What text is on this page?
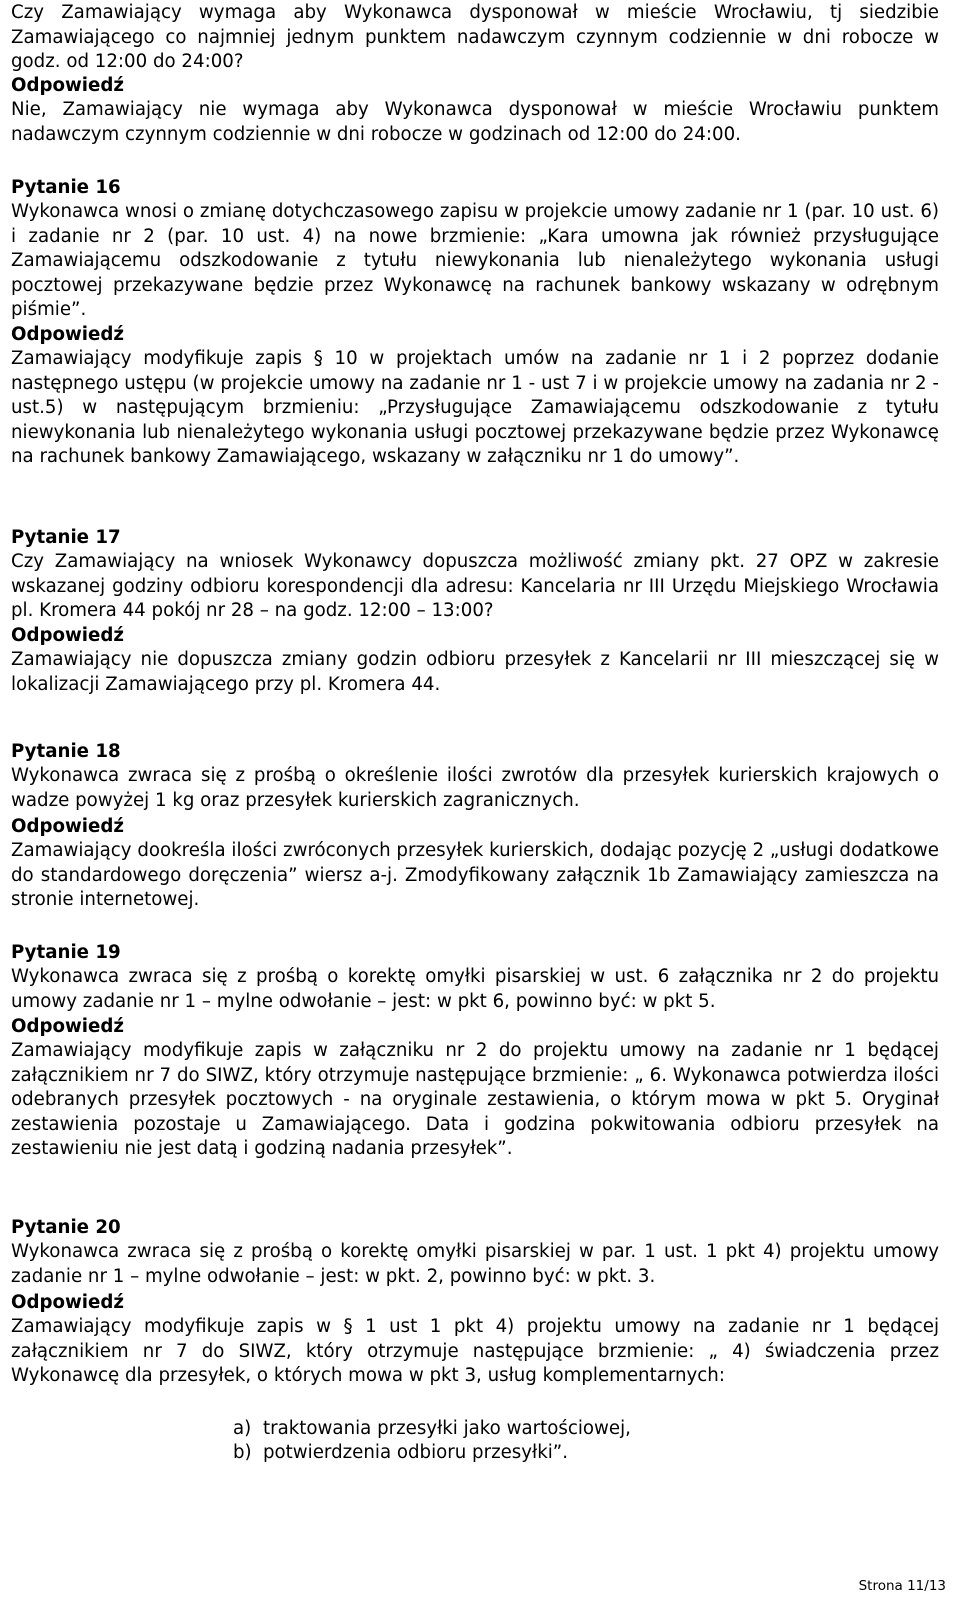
Czy Zamawiający wymaga aby Wykonawca dysponował w mieście Wrocławiu, tj siedzibie Zamawiającego co najmniej jednym punktem nadawczym czynnym codziennie w dni robocze w godz. od 12:00 do 24:00?

Odpowiedź

Nie, Zamawiający nie wymaga aby Wykonawca dysponował w mieście Wrocławiu punktem nadawczym czynnym codziennie w dni robocze w godzinach od 12:00 do 24:00.

Pytanie 16

Wykonawca wnosi o zmianę dotychczasowego zapisu w projekcie umowy zadanie nr 1 (par. 10 ust. 6) i zadanie nr 2 (par. 10 ust. 4) na nowe brzmienie: „Kara umowna jak również przysługujące Zamawiającemu odszkodowanie z tytułu niewykonania lub nienależytego wykonania usługi pocztowej przekazywane będzie przez Wykonawcę na rachunek bankowy wskazany w odrębnym piśmie”.

Odpowiedź

Zamawiający modyfikuje zapis § 10 w projektach umów na zadanie nr 1 i 2 poprzez dodanie następnego ustępu (w projekcie umowy na zadanie nr 1 - ust 7 i w projekcie umowy na zadania nr 2 - ust.5) w następującym brzmieniu: „Przysługujące Zamawiającemu odszkodowanie z tytułu niewykonania lub nienależytego wykonania usługi pocztowej przekazywane będzie przez Wykonawcę na rachunek bankowy Zamawiającego, wskazany w załączniku nr 1 do umowy”.

Pytanie 17

Czy Zamawiający na wniosek Wykonawcy dopuszcza możliwość zmiany pkt. 27 OPZ w zakresie wskazanej godziny odbioru korespondencji dla adresu: Kancelaria nr III Urzędu Miejskiego Wrocławia pl. Kromera 44 pokój nr 28 – na godz. 12:00 – 13:00?

Odpowiedź

Zamawiający nie dopuszcza zmiany godzin odbioru przesyłek z Kancelarii nr III mieszczącej się w lokalizacji Zamawiającego przy pl. Kromera 44.

Pytanie 18

Wykonawca zwraca się z prośbą o określenie ilości zwrotów dla przesyłek kurierskich krajowych o wadze powyżej 1 kg oraz przesyłek kurierskich zagranicznych.

Odpowiedź

Zamawiający dookreśla ilości zwróconych przesyłek kurierskich, dodając pozycję 2 „usługi dodatkowe do standardowego doręczenia” wiersz a-j. Zmodyfikowany załącznik 1b Zamawiający zamieszcza na stronie internetowej.

Pytanie 19

Wykonawca zwraca się z prośbą o korektę omyłki pisarskiej w ust. 6 załącznika nr 2 do projektu umowy zadanie nr 1 – mylne odwołanie – jest: w pkt 6, powinno być: w pkt 5.

Odpowiedź

Zamawiający modyfikuje zapis w załączniku nr 2 do projektu umowy na zadanie nr 1 będącej załącznikiem nr 7 do SIWZ, który otrzymuje następujące brzmienie: „ 6. Wykonawca potwierdza ilości odebranych przesyłek pocztowych - na oryginale zestawienia, o którym mowa w pkt 5. Oryginał zestawienia pozostaje u Zamawiającego. Data i godzina pokwitowania odbioru przesyłek na zestawieniu nie jest datą i godziną nadania przesyłek”.

Pytanie 20

Wykonawca zwraca się z prośbą o korektę omyłki pisarskiej w par. 1 ust. 1 pkt 4) projektu umowy zadanie nr 1 – mylne odwołanie – jest: w pkt. 2, powinno być: w pkt. 3.

Odpowiedź

Zamawiający modyfikuje zapis w § 1 ust 1 pkt 4) projektu umowy na zadanie nr 1 będącej załącznikiem nr 7 do SIWZ, który otrzymuje następujące brzmienie: „ 4) świadczenia przez Wykonawcę dla przesyłek, o których mowa w pkt 3, usług komplementarnych:

a) traktowania przesyłki jako wartościowej,
b) potwierdzenia odbioru przesyłki”.
Strona 11/13
